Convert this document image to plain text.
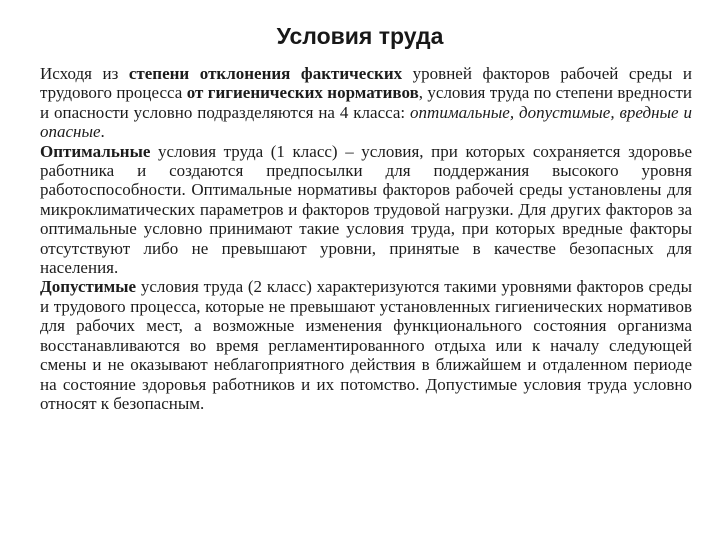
Условия труда

Исходя из степени отклонения фактических уровней факторов рабочей среды и трудового процесса от гигиенических нормативов, условия труда по степени вредности и опасности условно подразделяются на 4 класса: оптимальные, допустимые, вредные и опасные.

Оптимальные условия труда (1 класс) – условия, при которых сохраняется здоровье работника и создаются предпосылки для поддержания высокого уровня работоспособности. Оптимальные нормативы факторов рабочей среды установлены для микроклиматических параметров и факторов трудовой нагрузки. Для других факторов за оптимальные условно принимают такие условия труда, при которых вредные факторы отсутствуют либо не превышают уровни, принятые в качестве безопасных для населения.

Допустимые условия труда (2 класс) характеризуются такими уровнями факторов среды и трудового процесса, которые не превышают установленных гигиенических нормативов для рабочих мест, а возможные изменения функционального состояния организма восстанавливаются во время регламентированного отдыха или к началу следующей смены и не оказывают неблагоприятного действия в ближайшем и отдаленном периоде на состояние здоровья работников и их потомство. Допустимые условия труда условно относят к безопасным.
